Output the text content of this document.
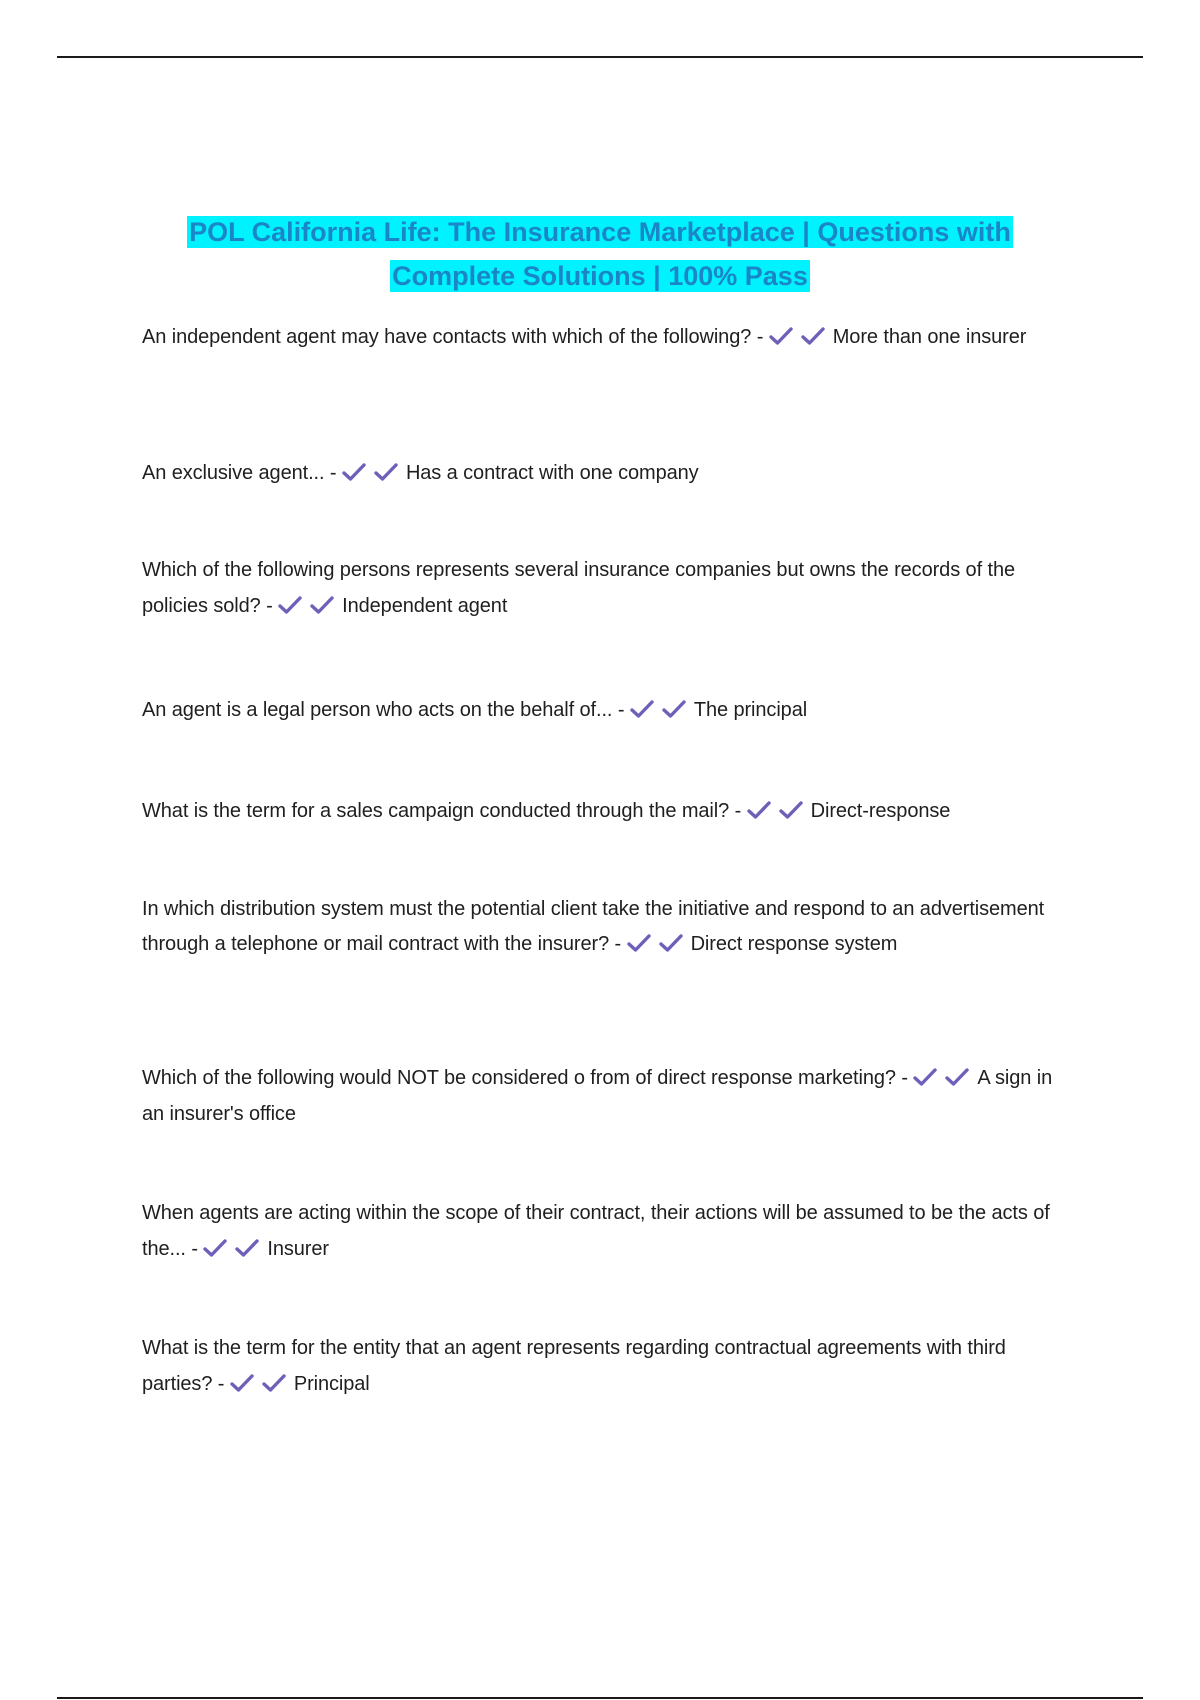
POL California Life: The Insurance Marketplace | Questions with Complete Solutions | 100% Pass

An independent agent may have contacts with which of the following? -	More than one insurer

An exclusive agent... -	Has a contract with one company

Which of the following persons represents several insurance companies but owns the records of the policies sold? -	Independent agent

An agent is a legal person who acts on the behalf of... -	The principal

What is the term for a sales campaign conducted through the mail? -	Direct-response

In which distribution system must the potential client take the initiative and respond to an advertisement through a telephone or mail contract with the insurer? -	Direct response system

Which of the following would NOT be considered o from of direct response marketing? -	A sign in an insurer's office

When agents are acting within the scope of their contract, their actions will be assumed to be the acts of the... -	Insurer

What is the term for the entity that an agent represents regarding contractual agreements with third parties? -	Principal
